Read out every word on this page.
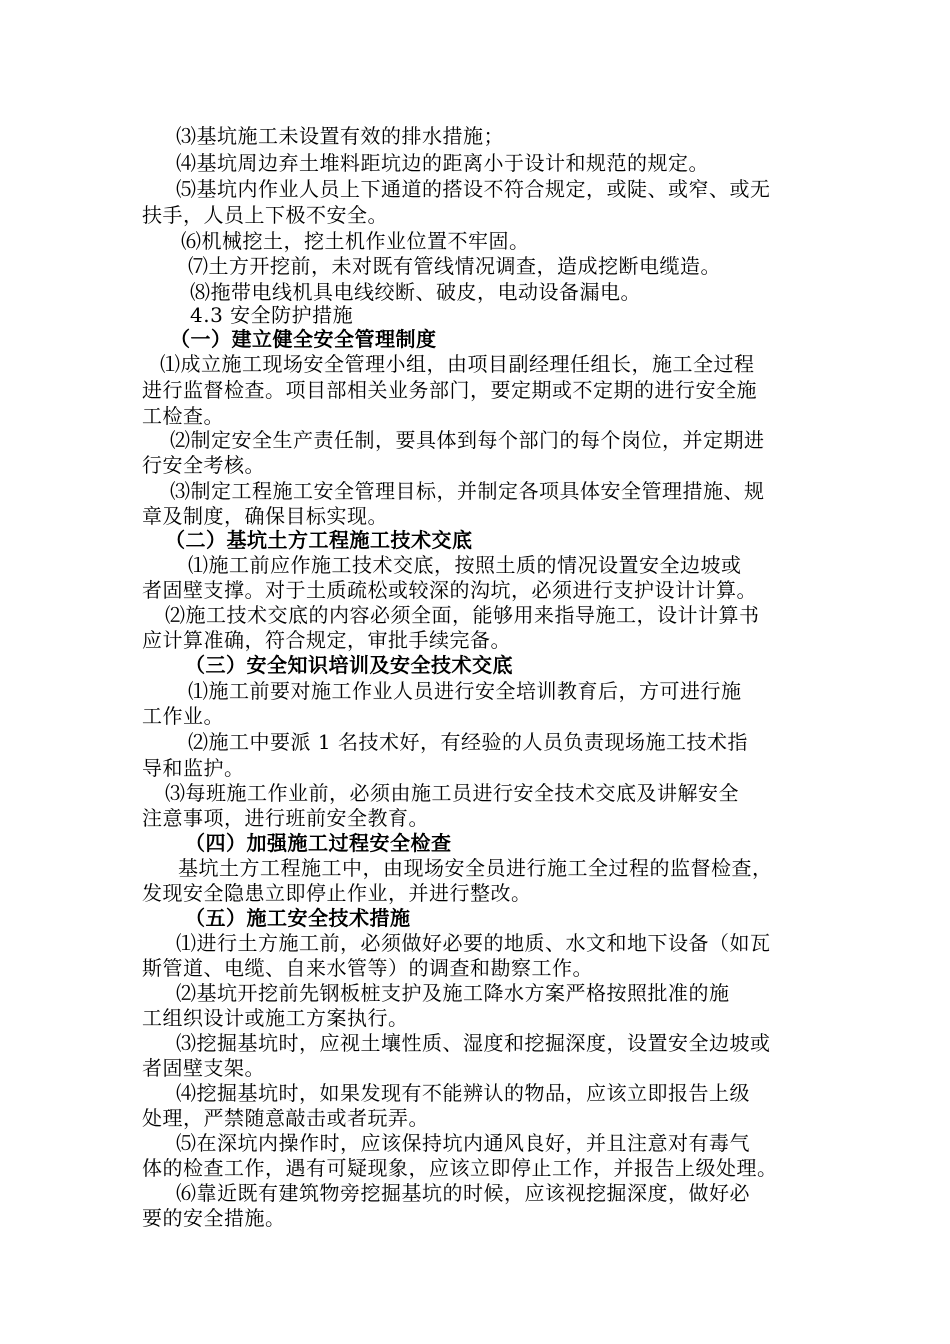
⑶基坑施工未设置有效的排水措施；
⑷基坑周边弃土堆料距坑边的距离小于设计和规范的规定。
⑸基坑内作业人员上下通道的搭设不符合规定，或陡、或窄、或无
扶手，人员上下极不安全。
⑹机械挖土，挖土机作业位置不牢固。
⑺土方开挖前，未对既有管线情况调查，造成挖断电缆造。
⑻拖带电线机具电线绞断、破皮，电动设备漏电。
4.3 安全防护措施
（一）建立健全安全管理制度
⑴成立施工现场安全管理小组，由项目副经理任组长，施工全过程
进行监督检查。项目部相关业务部门，要定期或不定期的进行安全施
工检查。
⑵制定安全生产责任制，要具体到每个部门的每个岗位，并定期进
行安全考核。
⑶制定工程施工安全管理目标，并制定各项具体安全管理措施、规
章及制度，确保目标实现。
（二）基坑土方工程施工技术交底
⑴施工前应作施工技术交底，按照土质的情况设置安全边坡或
者固壁支撑。对于土质疏松或较深的沟坑，必须进行支护设计计算。
⑵施工技术交底的内容必须全面，能够用来指导施工，设计计算书
应计算准确，符合规定，审批手续完备。
（三）安全知识培训及安全技术交底
⑴施工前要对施工作业人员进行安全培训教育后，方可进行施
工作业。
⑵施工中要派 1 名技术好，有经验的人员负责现场施工技术指
导和监护。
⑶每班施工作业前，必须由施工员进行安全技术交底及讲解安全
注意事项，进行班前安全教育。
（四）加强施工过程安全检查
基坑土方工程施工中，由现场安全员进行施工全过程的监督检查，
发现安全隐患立即停止作业，并进行整改。
（五）施工安全技术措施
⑴进行土方施工前，必须做好必要的地质、水文和地下设备（如瓦
斯管道、电缆、自来水管等）的调查和勘察工作。
⑵基坑开挖前先钢板桩支护及施工降水方案严格按照批准的施
工组织设计或施工方案执行。
⑶挖掘基坑时，应视土壤性质、湿度和挖掘深度，设置安全边坡或
者固壁支架。
⑷挖掘基坑时，如果发现有不能辨认的物品，应该立即报告上级
处理，严禁随意敲击或者玩弄。
⑸在深坑内操作时，应该保持坑内通风良好，并且注意对有毒气
体的检查工作，遇有可疑现象，应该立即停止工作，并报告上级处理。
⑹靠近既有建筑物旁挖掘基坑的时候，应该视挖掘深度，做好必
要的安全措施。
